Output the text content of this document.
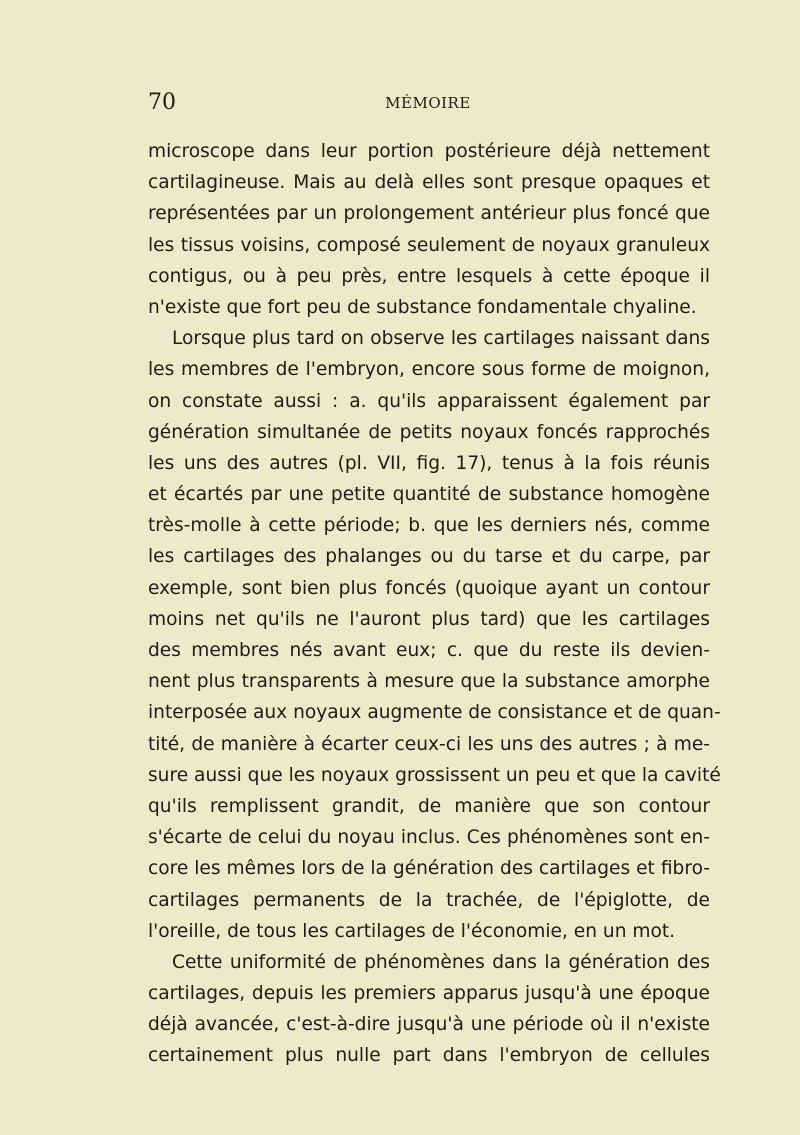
70	MÉMOIRE
microscope dans leur portion postérieure déjà nettement
cartilagineuse. Mais au delà elles sont presque opaques et
représentées par un prolongement antérieur plus foncé que
les tissus voisins, composé seulement de noyaux granuleux
contigus, ou à peu près, entre lesquels à cette époque il
n'existe que fort peu de substance fondamentale chyaline.
Lorsque plus tard on observe les cartilages naissant dans
les membres de l'embryon, encore sous forme de moignon,
on constate aussi : a. qu'ils apparaissent également par
génération simultanée de petits noyaux foncés rapprochés
les uns des autres (pl. VII, fig. 17), tenus à la fois réunis
et écartés par une petite quantité de substance homogène
très-molle à cette période; b. que les derniers nés, comme
les cartilages des phalanges ou du tarse et du carpe, par
exemple, sont bien plus foncés (quoique ayant un contour
moins net qu'ils ne l'auront plus tard) que les cartilages
des membres nés avant eux; c. que du reste ils devien-
nent plus transparents à mesure que la substance amorphe
interposée aux noyaux augmente de consistance et de quan-
tité, de manière à écarter ceux-ci les uns des autres ; à me-
sure aussi que les noyaux grossissent un peu et que la cavité
qu'ils remplissent grandit, de manière que son contour
s'écarte de celui du noyau inclus. Ces phénomènes sont en-
core les mêmes lors de la génération des cartilages et fibro-
cartilages permanents de la trachée, de l'épiglotte, de
l'oreille, de tous les cartilages de l'économie, en un mot.
Cette uniformité de phénomènes dans la génération des
cartilages, depuis les premiers apparus jusqu'à une époque
déjà avancée, c'est-à-dire jusqu'à une période où il n'existe
certainement plus nulle part dans l'embryon de cellules
